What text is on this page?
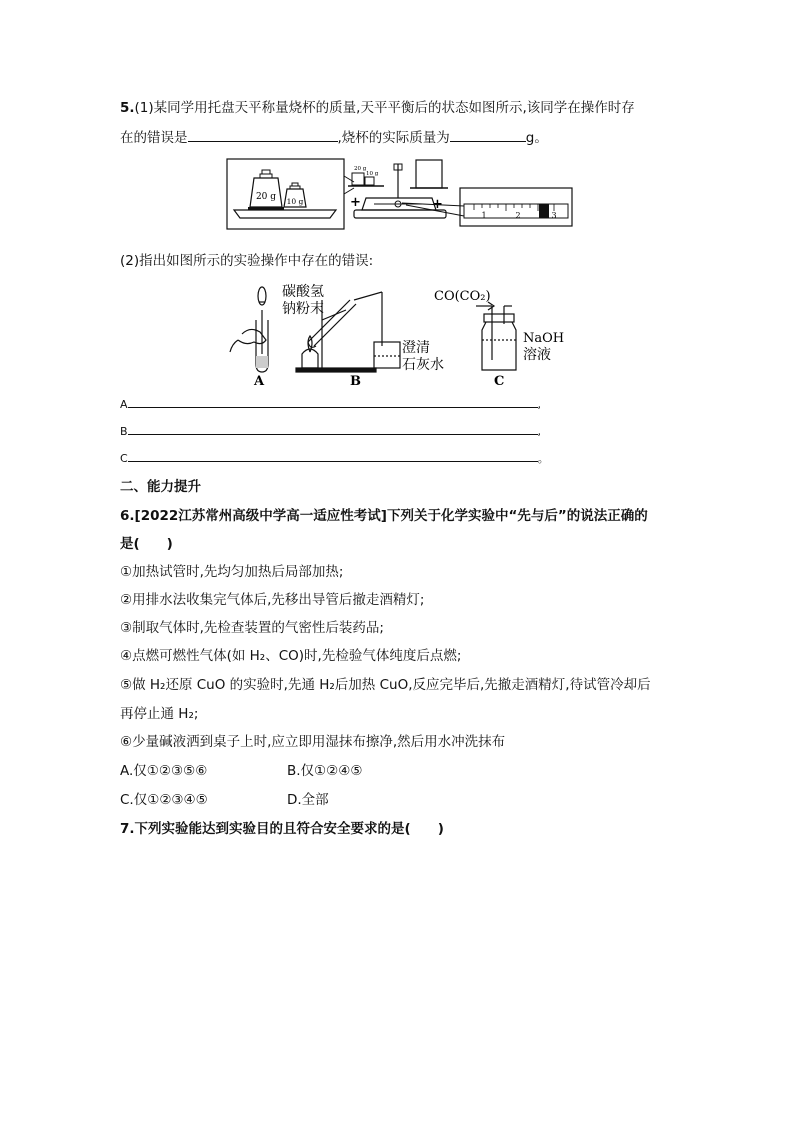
5.(1)某同学用托盘天平称量烧杯的质量,天平平衡后的状态如图所示,该同学在操作时存
在的错误是	,烧杯的实际质量为	g。
20 g 10 g
20 g
10 g
+
1	2	3
(2)指出如图所示的实验操作中存在的错误:
A
碳酸氢
钠粉末
B
澄清
石灰水
CO(CO₂)
NaOH
溶液
C
A	,
B	,
C	。
二、能力提升
6.[2022江苏常州高级中学高一适应性考试]下列关于化学实验中“先与后”的说法正确的
是(　　)
①加热试管时,先均匀加热后局部加热;
②用排水法收集完气体后,先移出导管后撤走酒精灯;
③制取气体时,先检查装置的气密性后装药品;
④点燃可燃性气体(如 H₂、CO)时,先检验气体纯度后点燃;
⑤做 H₂还原 CuO 的实验时,先通 H₂后加热 CuO,反应完毕后,先撤走酒精灯,待试管冷却后
再停止通 H₂;
⑥少量碱液洒到桌子上时,应立即用湿抹布擦净,然后用水冲洗抹布
A.仅①②③⑤⑥	B.仅①②④⑤
C.仅①②③④⑤	D.全部
7.下列实验能达到实验目的且符合安全要求的是(　　)
